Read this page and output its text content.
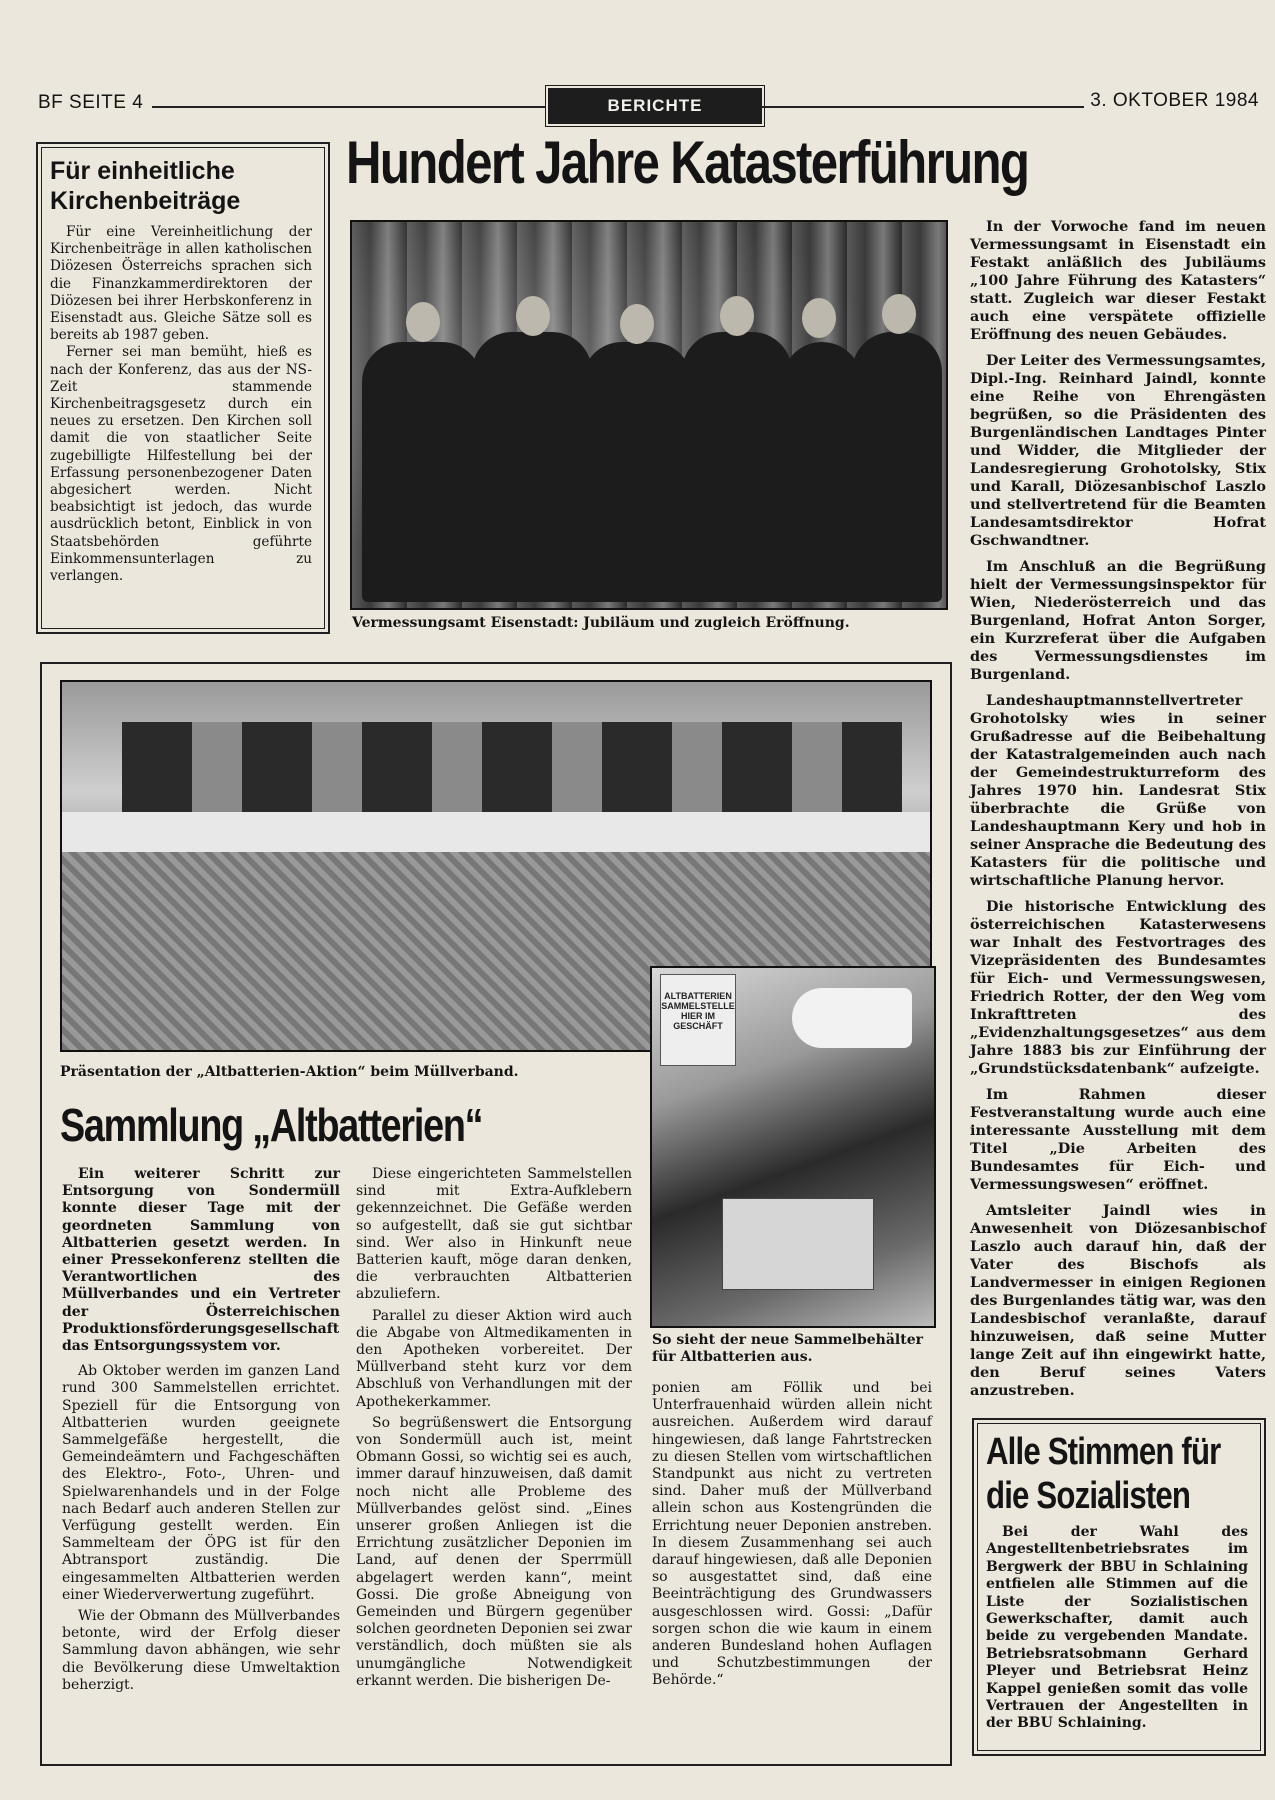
BF SEITE 4	BERICHTE	3. OKTOBER 1984
Für einheitliche Kirchenbeiträge

Für eine Vereinheitlichung der Kirchenbeiträge in allen katholischen Diözesen Österreichs sprachen sich die Finanzkammerdirektoren der Diözesen bei ihrer Herbskonferenz in Eisenstadt aus. Gleiche Sätze soll es bereits ab 1987 geben.

Ferner sei man bemüht, hieß es nach der Konferenz, das aus der NS-Zeit stammende Kirchenbeitragsgesetz durch ein neues zu ersetzen. Den Kirchen soll damit die von staatlicher Seite zugebilligte Hilfestellung bei der Erfassung personenbezogener Daten abgesichert werden. Nicht beabsichtigt ist jedoch, das wurde ausdrücklich betont, Einblick in von Staatsbehörden geführte Einkommensunterlagen zu verlangen.

Hundert Jahre Katasterführung
Vermessungsamt Eisenstadt: Jubiläum und zugleich Eröffnung.

In der Vorwoche fand im neuen Vermessungsamt in Eisenstadt ein Festakt anläßlich des Jubiläums „100 Jahre Führung des Katasters“ statt. Zugleich war dieser Festakt auch eine verspätete offizielle Eröffnung des neuen Gebäudes.

Der Leiter des Vermessungsamtes, Dipl.-Ing. Reinhard Jaindl, konnte eine Reihe von Ehrengästen begrüßen, so die Präsidenten des Burgenländischen Landtages Pinter und Widder, die Mitglieder der Landesregierung Grohotolsky, Stix und Karall, Diözesanbischof Laszlo und stellvertretend für die Beamten Landesamtsdirektor Hofrat Gschwandtner.

Im Anschluß an die Begrüßung hielt der Vermessungsinspektor für Wien, Niederösterreich und das Burgenland, Hofrat Anton Sorger, ein Kurzreferat über die Aufgaben des Vermessungsdienstes im Burgenland.

Landeshauptmannstellvertreter Grohotolsky wies in seiner Grußadresse auf die Beibehaltung der Katastralgemeinden auch nach der Gemeindestrukturreform des Jahres 1970 hin. Landesrat Stix überbrachte die Grüße von Landeshauptmann Kery und hob in seiner Ansprache die Bedeutung des Katasters für die politische und wirtschaftliche Planung hervor.

Die historische Entwicklung des österreichischen Katasterwesens war Inhalt des Festvortrages des Vizepräsidenten des Bundesamtes für Eich- und Vermessungswesen, Friedrich Rotter, der den Weg vom Inkrafttreten des „Evidenzhaltungsgesetzes“ aus dem Jahre 1883 bis zur Einführung der „Grundstücksdatenbank“ aufzeigte.

Im Rahmen dieser Festveranstaltung wurde auch eine interessante Ausstellung mit dem Titel „Die Arbeiten des Bundesamtes für Eich- und Vermessungswesen“ eröffnet.

Amtsleiter Jaindl wies in Anwesenheit von Diözesanbischof Laszlo auch darauf hin, daß der Vater des Bischofs als Landvermesser in einigen Regionen des Burgenlandes tätig war, was den Landesbischof veranlaßte, darauf hinzuweisen, daß seine Mutter lange Zeit auf ihn eingewirkt hatte, den Beruf seines Vaters anzustreben.

Präsentation der „Altbatterien-Aktion“ beim Müllverband.
Sammlung „Altbatterien“

Ein weiterer Schritt zur Entsorgung von Sondermüll konnte dieser Tage mit der geordneten Sammlung von Altbatterien gesetzt werden. In einer Pressekonferenz stellten die Verantwortlichen des Müllverbandes und ein Vertreter der Österreichischen Produktionsförderungsgesellschaft das Entsorgungssystem vor.

Ab Oktober werden im ganzen Land rund 300 Sammelstellen errichtet. Speziell für die Entsorgung von Altbatterien wurden geeignete Sammelgefäße hergestellt, die Gemeindeämtern und Fachgeschäften des Elektro-, Foto-, Uhren- und Spielwarenhandels und in der Folge nach Bedarf auch anderen Stellen zur Verfügung gestellt werden. Ein Sammelteam der ÖPG ist für den Abtransport zuständig. Die eingesammelten Altbatterien werden einer Wiederverwertung zugeführt.

Wie der Obmann des Müllverbandes betonte, wird der Erfolg dieser Sammlung davon abhängen, wie sehr die Bevölkerung diese Umweltaktion beherzigt.

Diese eingerichteten Sammelstellen sind mit Extra-Aufklebern gekennzeichnet. Die Gefäße werden so aufgestellt, daß sie gut sichtbar sind. Wer also in Hinkunft neue Batterien kauft, möge daran denken, die verbrauchten Altbatterien abzuliefern.

Parallel zu dieser Aktion wird auch die Abgabe von Altmedikamenten in den Apotheken vorbereitet. Der Müllverband steht kurz vor dem Abschluß von Verhandlungen mit der Apothekerkammer.

So begrüßenswert die Entsorgung von Sondermüll auch ist, meint Obmann Gossi, so wichtig sei es auch, immer darauf hinzuweisen, daß damit noch nicht alle Probleme des Müllverbandes gelöst sind. „Eines unserer großen Anliegen ist die Errichtung zusätzlicher Deponien im Land, auf denen der Sperrmüll abgelagert werden kann“, meint Gossi. Die große Abneigung von Gemeinden und Bürgern gegenüber solchen geordneten Deponien sei zwar verständlich, doch müßten sie als unumgängliche Notwendigkeit erkannt werden. Die bisherigen De-

ALTBATTERIEN SAMMELSTELLE HIER IM GESCHÄFT
So sieht der neue Sammelbehälter für Altbatterien aus.

ponien am Föllik und bei Unterfrauenhaid würden allein nicht ausreichen. Außerdem wird darauf hingewiesen, daß lange Fahrtstrecken zu diesen Stellen vom wirtschaftlichen Standpunkt aus nicht zu vertreten sind. Daher muß der Müllverband allein schon aus Kostengründen die Errichtung neuer Deponien anstreben. In diesem Zusammenhang sei auch darauf hingewiesen, daß alle Deponien so ausgestattet sind, daß eine Beeinträchtigung des Grundwassers ausgeschlossen wird. Gossi: „Dafür sorgen schon die wie kaum in einem anderen Bundesland hohen Auflagen und Schutzbestimmungen der Behörde.“

Alle Stimmen für die Sozialisten

Bei der Wahl des Angestelltenbetriebsrates im Bergwerk der BBU in Schlaining entfielen alle Stimmen auf die Liste der Sozialistischen Gewerkschafter, damit auch beide zu vergebenden Mandate. Betriebsratsobmann Gerhard Pleyer und Betriebsrat Heinz Kappel genießen somit das volle Vertrauen der Angestellten in der BBU Schlaining.
